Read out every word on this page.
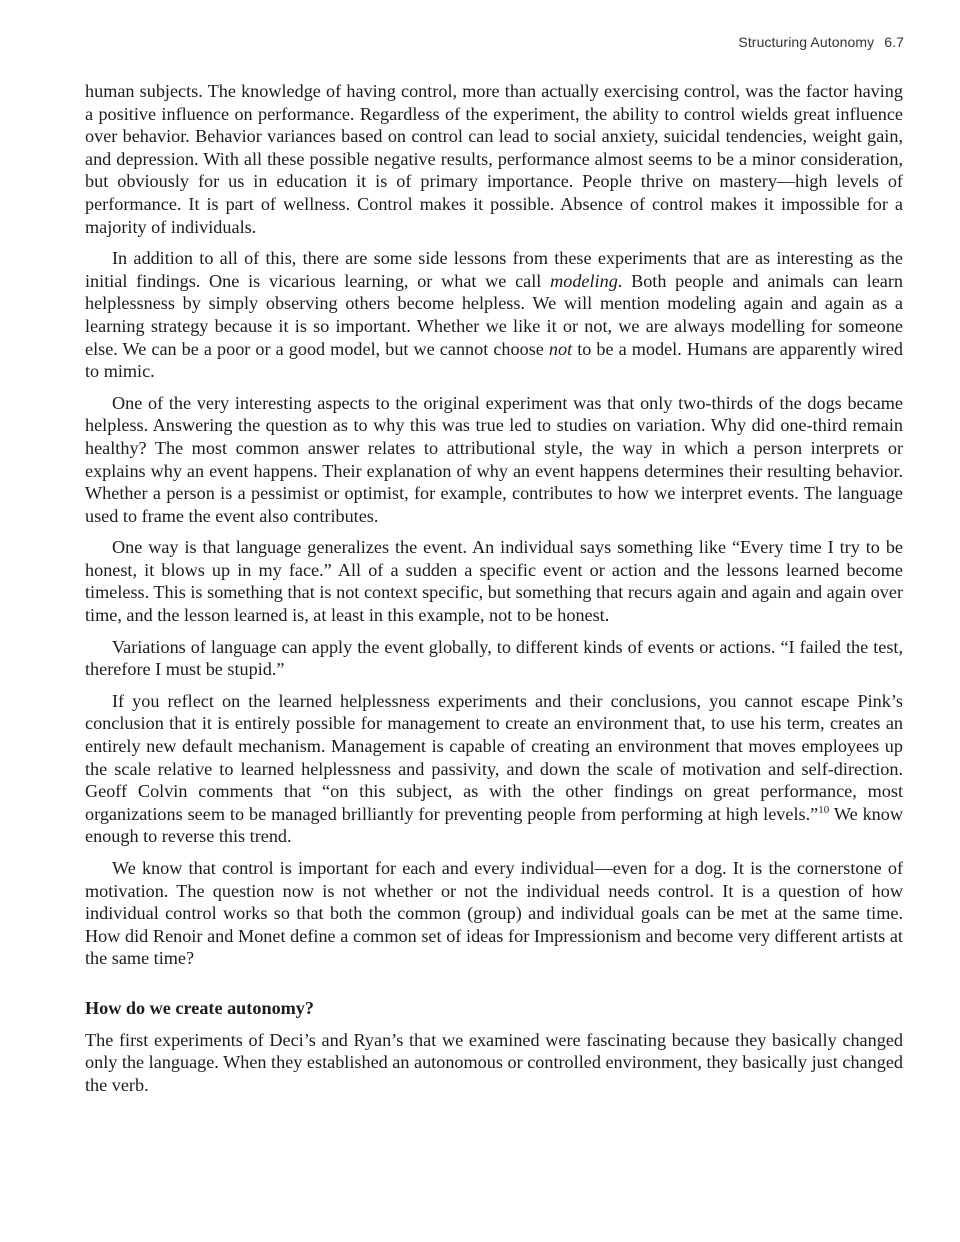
Structuring Autonomy 6.7

human subjects. The knowledge of having control, more than actually exercising control, was the factor having a positive influence on performance. Regardless of the experiment, the ability to control wields great influence over behavior. Behavior variances based on control can lead to social anxiety, suicidal tendencies, weight gain, and depression. With all these possible negative results, performance almost seems to be a minor consideration, but obviously for us in education it is of primary importance. People thrive on mastery—high levels of performance. It is part of wellness. Control makes it possible. Absence of control makes it impossible for a majority of individuals.

In addition to all of this, there are some side lessons from these experiments that are as interesting as the initial findings. One is vicarious learning, or what we call modeling. Both people and animals can learn helplessness by simply observing others become helpless. We will mention modeling again and again as a learning strategy because it is so important. Whether we like it or not, we are always modelling for someone else. We can be a poor or a good model, but we cannot choose not to be a model. Humans are apparently wired to mimic.

One of the very interesting aspects to the original experiment was that only two-thirds of the dogs became helpless. Answering the question as to why this was true led to studies on variation. Why did one-third remain healthy? The most common answer relates to attributional style, the way in which a person interprets or explains why an event happens. Their explanation of why an event happens determines their resulting behavior. Whether a person is a pessimist or optimist, for example, contributes to how we interpret events. The language used to frame the event also contributes.

One way is that language generalizes the event. An individual says something like “Every time I try to be honest, it blows up in my face.” All of a sudden a specific event or action and the lessons learned become timeless. This is something that is not context specific, but something that recurs again and again and again over time, and the lesson learned is, at least in this example, not to be honest.

Variations of language can apply the event globally, to different kinds of events or actions. “I failed the test, therefore I must be stupid.”

If you reflect on the learned helplessness experiments and their conclusions, you cannot escape Pink’s conclusion that it is entirely possible for management to create an environment that, to use his term, creates an entirely new default mechanism. Management is capable of creating an environment that moves employees up the scale relative to learned helplessness and passivity, and down the scale of motivation and self-direction. Geoff Colvin comments that “on this subject, as with the other findings on great performance, most organizations seem to be managed brilliantly for preventing people from performing at high levels.”$^{10}$ We know enough to reverse this trend.

We know that control is important for each and every individual—even for a dog. It is the cornerstone of motivation. The question now is not whether or not the individual needs control. It is a question of how individual control works so that both the common (group) and individual goals can be met at the same time. How did Renoir and Monet define a common set of ideas for Impressionism and become very different artists at the same time?

How do we create autonomy?

The first experiments of Deci’s and Ryan’s that we examined were fascinating because they basically changed only the language. When they established an autonomous or controlled environment, they basically just changed the verb.
